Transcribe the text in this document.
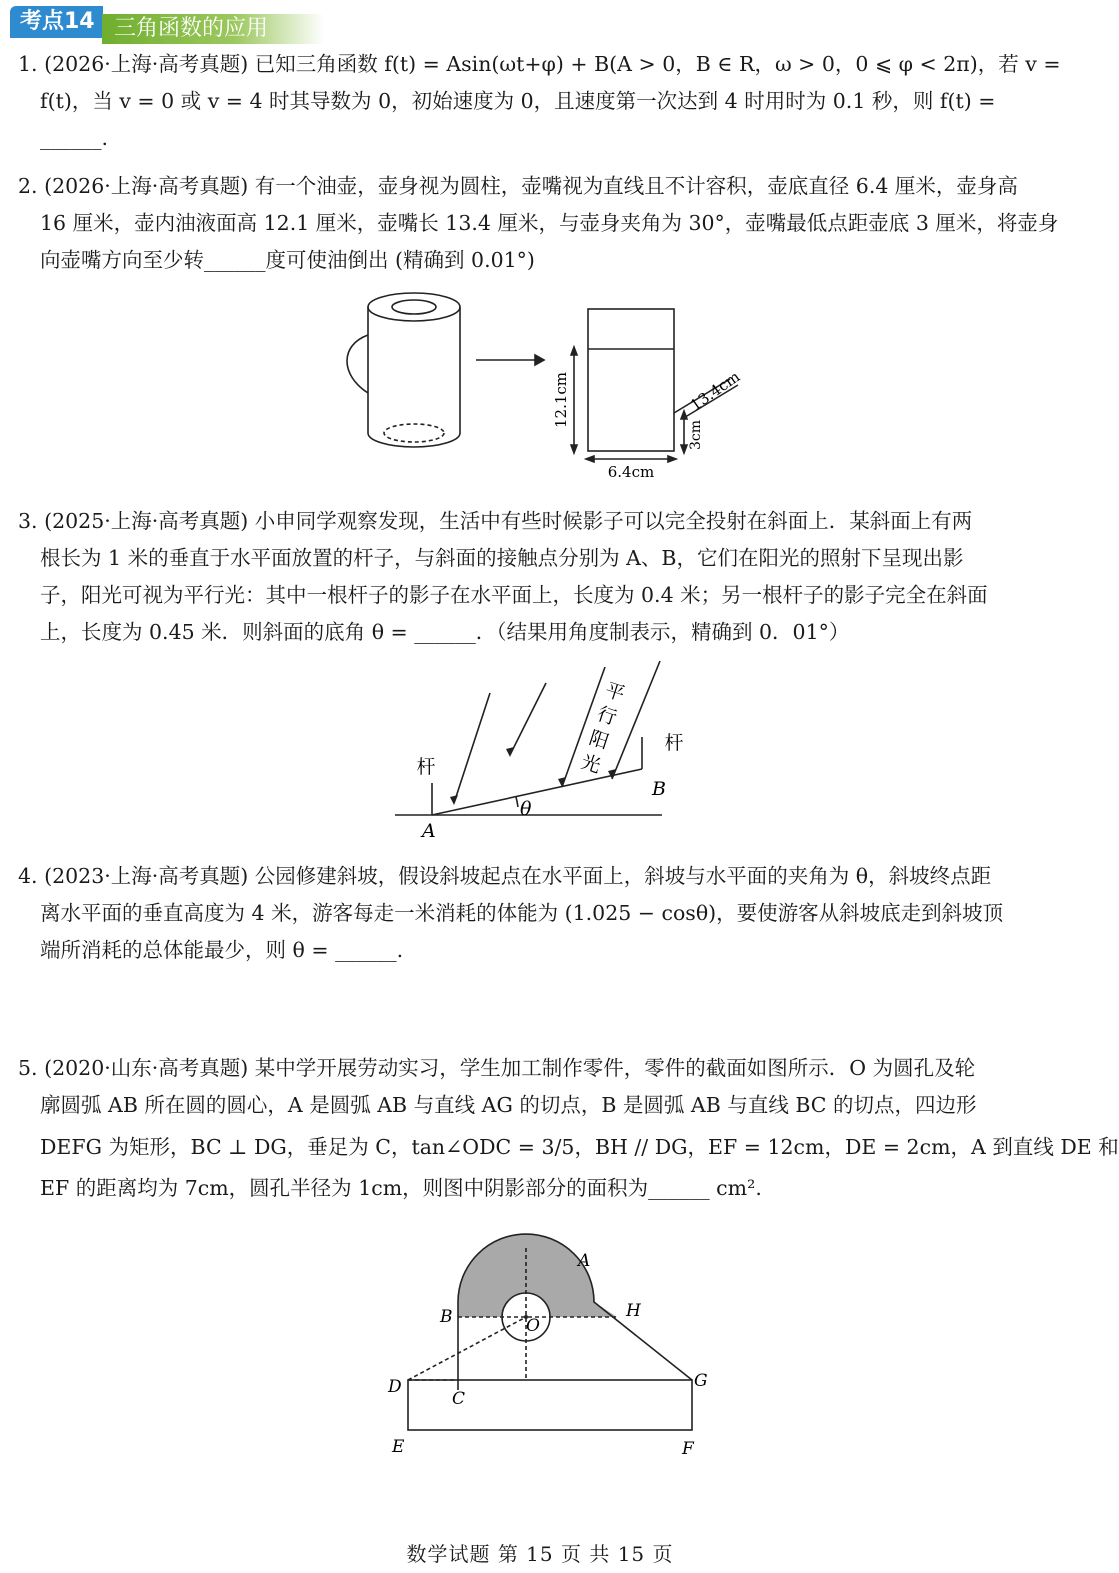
考点14 三角函数的应用
1. (2026·上海·高考真题) 已知三角函数 f(t) = Asin(ωt+φ) + B(A > 0，B ∈ R，ω > 0，0 ⩽ φ < 2π)，若 v =
f(t)，当 v = 0 或 v = 4 时其导数为 0，初始速度为 0，且速度第一次达到 4 时用时为 0.1 秒，则 f(t) =
______.
2. (2026·上海·高考真题) 有一个油壶，壶身视为圆柱，壶嘴视为直线且不计容积，壶底直径 6.4 厘米，壶身高
16 厘米，壶内油液面高 12.1 厘米，壶嘴长 13.4 厘米，与壶身夹角为 30°，壶嘴最低点距壶底 3 厘米，将壶身
向壶嘴方向至少转______度可使油倒出 (精确到 0.01°)
12.1cm
6.4cm
13.4cm
3cm
3. (2025·上海·高考真题) 小申同学观察发现，生活中有些时候影子可以完全投射在斜面上．某斜面上有两
根长为 1 米的垂直于水平面放置的杆子，与斜面的接触点分别为 A、B，它们在阳光的照射下呈现出影
子，阳光可视为平行光：其中一根杆子的影子在水平面上，长度为 0.4 米；另一根杆子的影子完全在斜面
上，长度为 0.45 米．则斜面的底角 θ = ______．（结果用角度制表示，精确到 0．01°）
杆
杆
A
B
θ
平
行
阳
光
4. (2023·上海·高考真题) 公园修建斜坡，假设斜坡起点在水平面上，斜坡与水平面的夹角为 θ，斜坡终点距
离水平面的垂直高度为 4 米，游客每走一米消耗的体能为 (1.025 − cosθ)，要使游客从斜坡底走到斜坡顶
端所消耗的总体能最少，则 θ = ______.
5. (2020·山东·高考真题) 某中学开展劳动实习，学生加工制作零件，零件的截面如图所示．O 为圆孔及轮
廓圆弧 AB 所在圆的圆心，A 是圆弧 AB 与直线 AG 的切点，B 是圆弧 AB 与直线 BC 的切点，四边形
DEFG 为矩形，BC ⊥ DG，垂足为 C，tan∠ODC = 3/5，BH // DG，EF = 12cm，DE = 2cm，A 到直线 DE 和
EF 的距离均为 7cm，圆孔半径为 1cm，则图中阴影部分的面积为______ cm².
A
B	H
O
D
C
G
E	F
数学试题 第 15 页 共 15 页
